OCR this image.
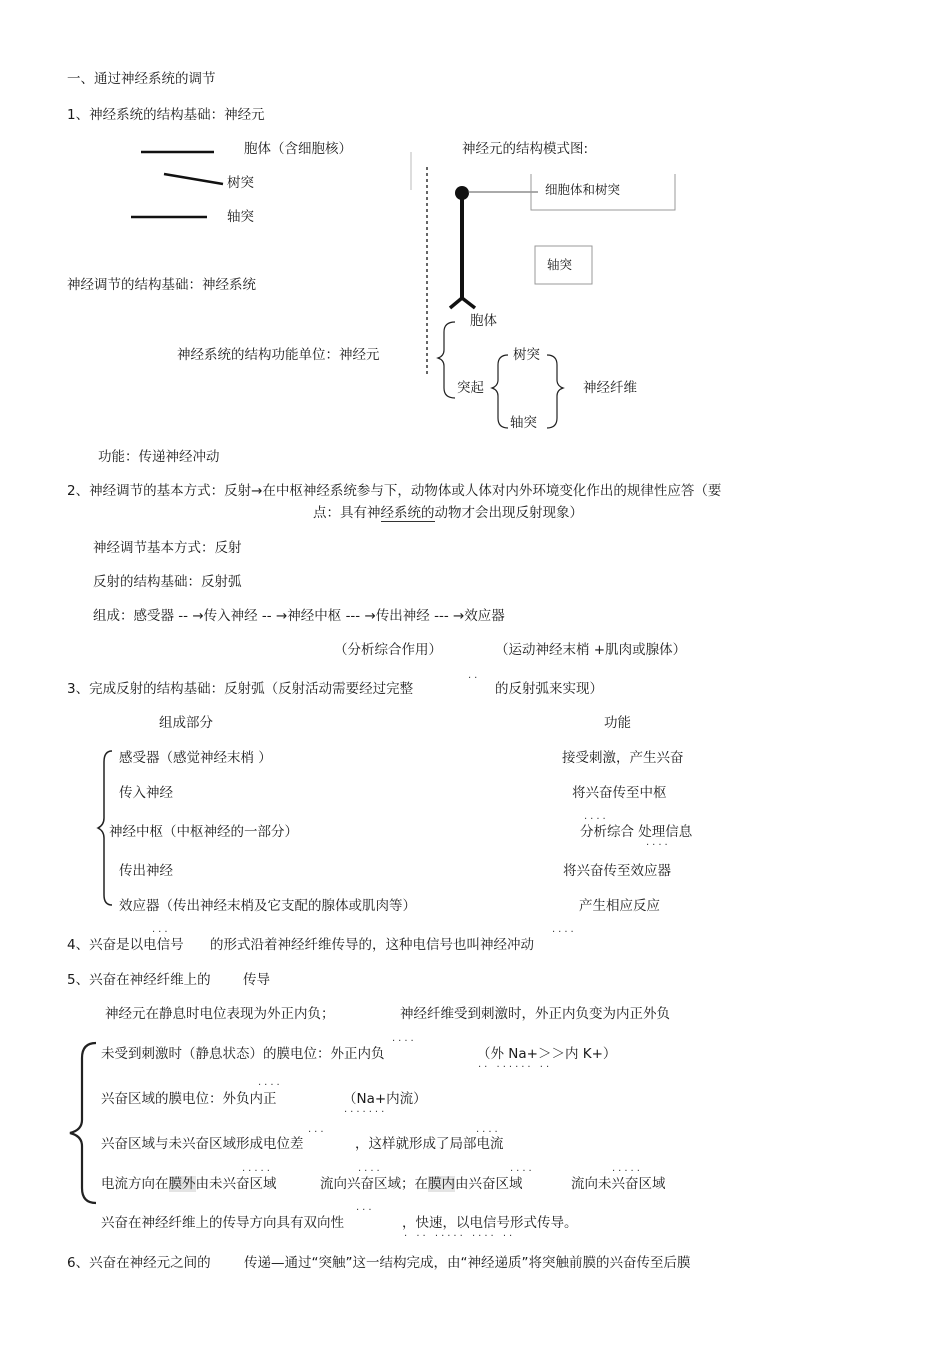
一、通过神经系统的调节
1、神经系统的结构基础：神经元
胞体（含细胞核）
树突
轴突
神经元的结构模式图:
细胞体和树突
轴突
神经调节的结构基础：神经系统
胞体
神经系统的结构功能单位：神经元	树突
突起	神经纤维
轴突
功能：传递神经冲动
2、神经调节的基本方式：反射→在中枢神经系统参与下，动物体或人体对内外环境变化作出的规律性应答（要
点：具有神经系统的动物才会出现反射现象）
神经调节基本方式：反射
反射的结构基础：反射弧
组成：感受器 -- →传入神经 -- →神经中枢 --- →传出神经 --- →效应器
（分析综合作用）	（运动神经末梢 +肌肉或腺体）
..
3、完成反射的结构基础：反射弧（反射活动需要经过完整	的反射弧来实现）
组成部分	功能
感受器（感觉神经末梢 ）	接受刺激，产生兴奋
传入神经	将兴奋传至中枢
....
神经中枢（中枢神经的一部分）	分析综合 处理信息
....
传出神经	将兴奋传至效应器
效应器（传出神经末梢及它支配的腺体或肌肉等）	产生相应反应
...	....
4、兴奋是以电信号 的形式沿着神经纤维传导的，这种电信号也叫神经冲动
5、兴奋在神经纤维上的 传导
神经元在静息时电位表现为外正内负；	神经纤维受到刺激时，外正内负变为内正外负
....
未受到刺激时（静息状态）的膜电位：外正内负	（外 Na+＞＞内 K+）
.. ...... ..
....
兴奋区域的膜电位：外负内正	（Na+内流）
.......
...	....
兴奋区域与未兴奋区域形成电位差	，这样就形成了局部电流
.....	....	....	.....
电流方向在膜外由未兴奋区域	流向兴奋区域；在膜内由兴奋区域	流向未兴奋区域
...
兴奋在神经纤维上的传导方向具有双向性	，快速，以电信号形式传导。
. .. ..... .... ..
6、兴奋在神经元之间的 传递—通过“突触”这一结构完成，由“神经递质”将突触前膜的兴奋传至后膜
